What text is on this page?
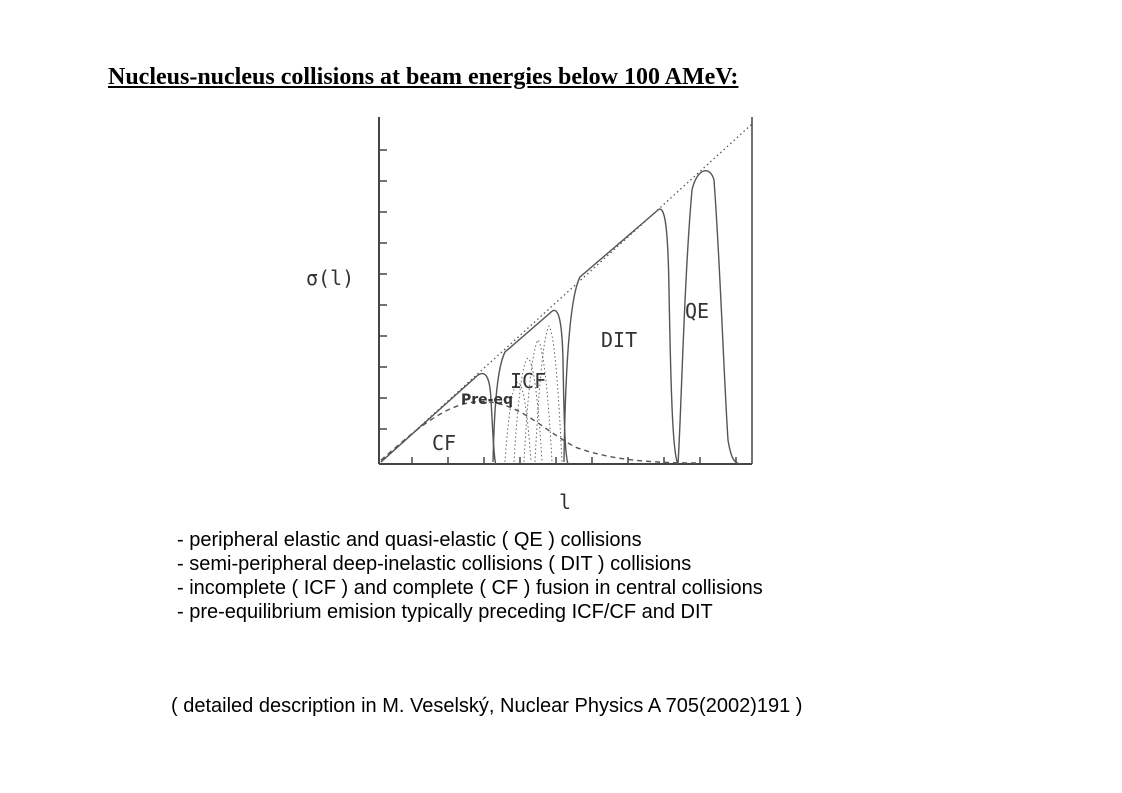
Nucleus-nucleus collisions at beam energies below 100 AMeV:
σ(l)
l
CF
ICF
DIT
QE
Pre-eq
- peripheral elastic and quasi-elastic ( QE ) collisions
- semi-peripheral deep-inelastic collisions ( DIT ) collisions
- incomplete ( ICF ) and complete ( CF ) fusion in central collisions
- pre-equilibrium emision typically preceding ICF/CF and DIT
( detailed description in M. Veselský, Nuclear Physics A 705(2002)191 )
